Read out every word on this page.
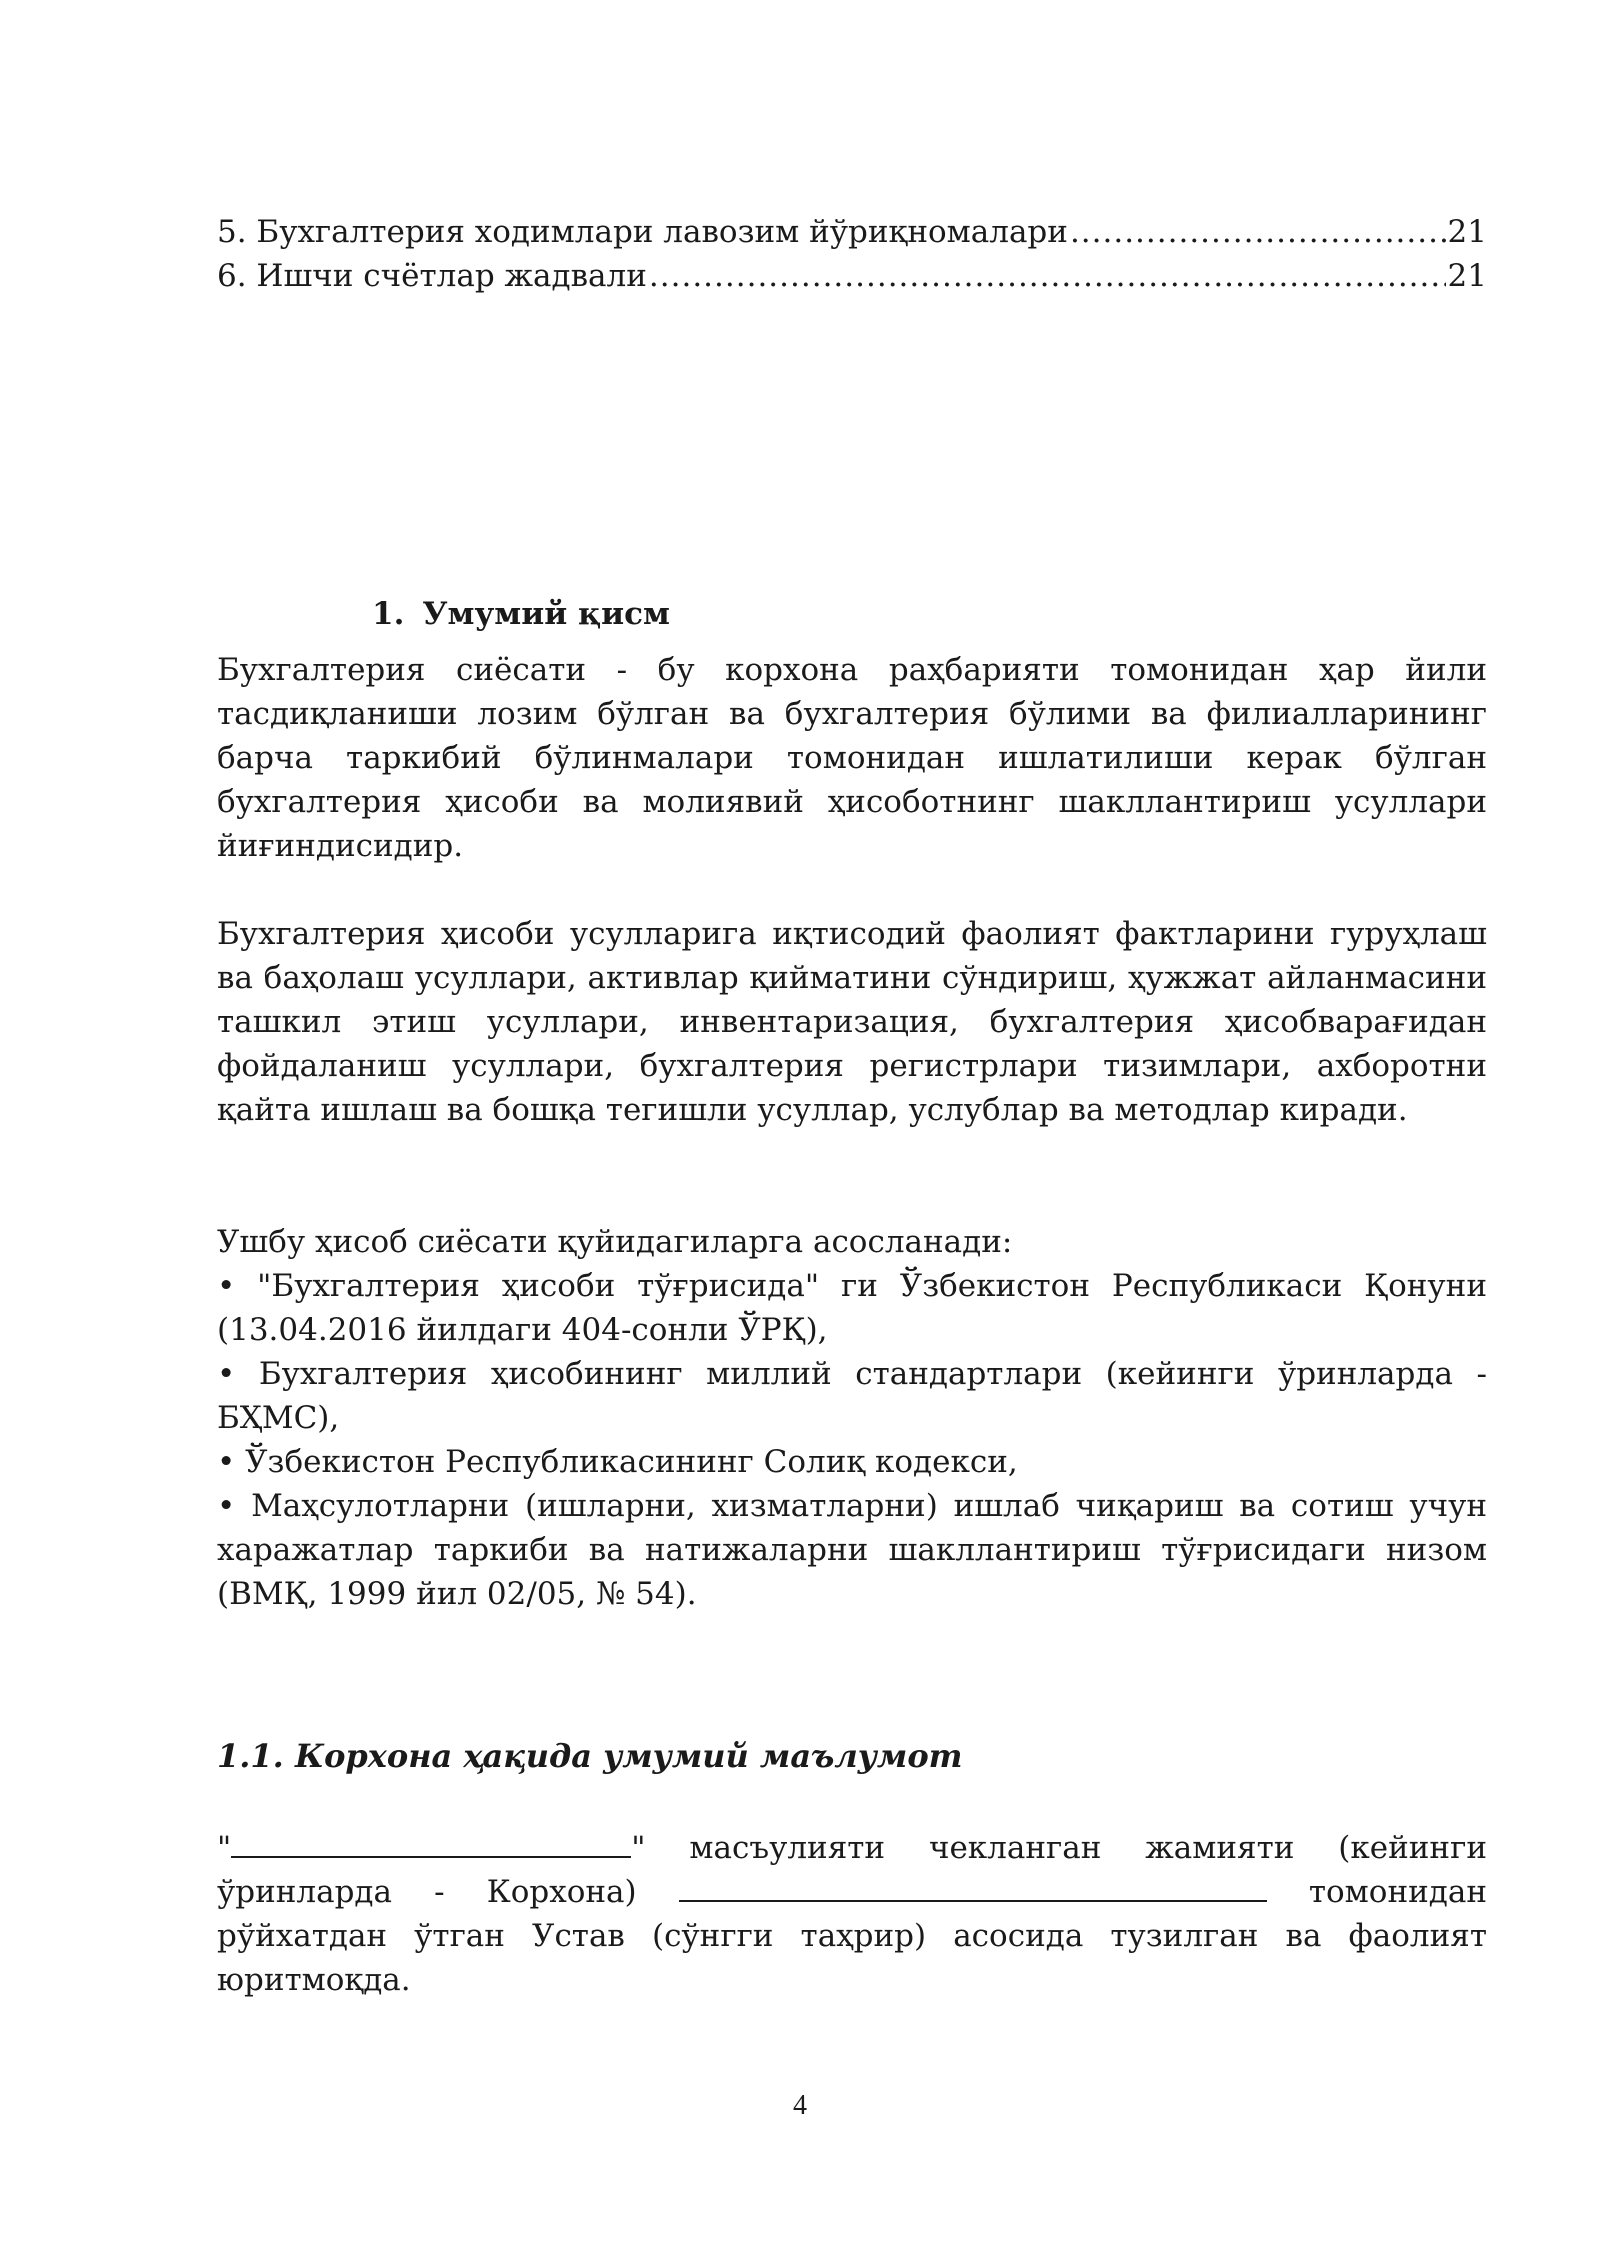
5. Бухгалтерия ходимлари лавозим йўриқномалари .....	21
6. Ишчи счётлар жадвали .....	21
1. Умумий қисм

Бухгалтерия сиёсати - бу корхона раҳбарияти томонидан ҳар йили тасдиқланиши лозим бўлган ва бухгалтерия бўлими ва филиалларининг барча таркибий бўлинмалари томонидан ишлатилиши керак бўлган бухгалтерия ҳисоби ва молиявий ҳисоботнинг шакллантириш усуллари йиғиндисидир.

Бухгалтерия ҳисоби усулларига иқтисодий фаолият фактларини гуруҳлаш ва баҳолаш усуллари, активлар қийматини сўндириш, ҳужжат айланмасини ташкил этиш усуллари, инвентаризация, бухгалтерия ҳисобварағидан фойдаланиш усуллари, бухгалтерия регистрлари тизимлари, ахборотни қайта ишлаш ва бошқа тегишли усуллар, услублар ва методлар киради.

Ушбу ҳисоб сиёсати қуйидагиларга асосланади:

• "Бухгалтерия ҳисоби тўғрисида" ги Ўзбекистон Республикаси Қонуни (13.04.2016 йилдаги 404-сонли ЎРҚ),

• Бухгалтерия ҳисобининг миллий стандартлари (кейинги ўринларда - БҲМС),

• Ўзбекистон Республикасининг Солиқ кодекси,

• Маҳсулотларни (ишларни, хизматларни) ишлаб чиқариш ва сотиш учун харажатлар таркиби ва натижаларни шакллантириш тўғрисидаги низом (ВМҚ, 1999 йил 02/05, № 54).

1.1. Корхона ҳақида умумий маълумот

"	" масъулияти чекланган жамияти (кейинги ўринларда - Корхона)	томонидан рўйхатдан ўтган Устав (сўнгги таҳрир) асосида тузилган ва фаолият юритмоқда.

4
